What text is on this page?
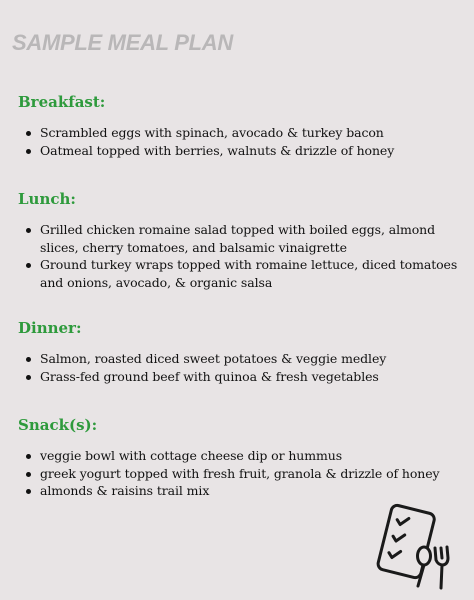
SAMPLE MEAL PLAN
Breakfast:
Scrambled eggs with spinach, avocado & turkey bacon
Oatmeal topped with berries, walnuts & drizzle of honey
Lunch:
Grilled chicken romaine salad topped with boiled eggs, almond slices, cherry tomatoes, and balsamic vinaigrette
Ground turkey wraps topped with romaine lettuce, diced tomatoes and onions, avocado, & organic salsa
Dinner:
Salmon, roasted diced sweet potatoes & veggie medley
Grass-fed ground beef with quinoa & fresh vegetables
Snack(s):
veggie bowl with cottage cheese dip or hummus
greek yogurt topped with fresh fruit, granola & drizzle of honey
almonds & raisins trail mix
